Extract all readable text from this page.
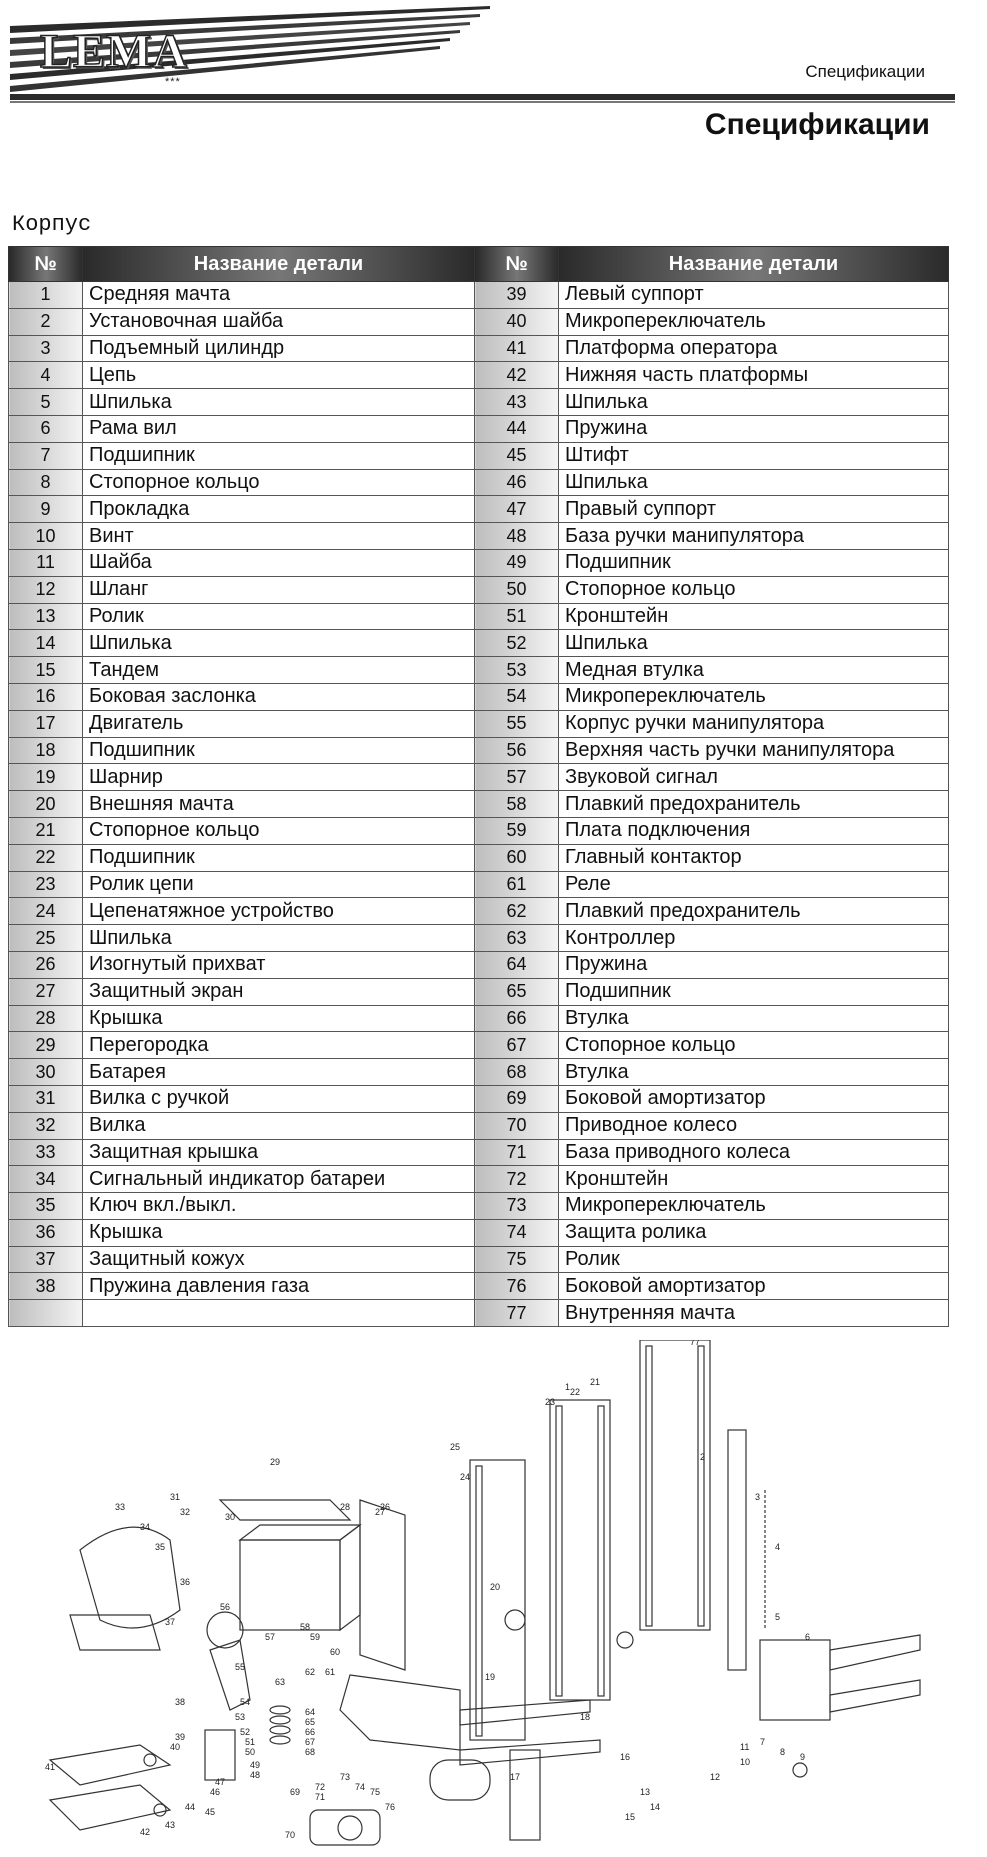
LEMA
***
Спецификации
Спецификации
Корпус
№	Название детали	№	Название детали
1	Средняя мачта	39	Левый суппорт
2	Установочная шайба	40	Микропереключатель
3	Подъемный цилиндр	41	Платформа оператора
4	Цепь	42	Нижняя часть платформы
5	Шпилька	43	Шпилька
6	Рама вил	44	Пружина
7	Подшипник	45	Штифт
8	Стопорное кольцо	46	Шпилька
9	Прокладка	47	Правый суппорт
10	Винт	48	База ручки манипулятора
11	Шайба	49	Подшипник
12	Шланг	50	Стопорное кольцо
13	Ролик	51	Кронштейн
14	Шпилька	52	Шпилька
15	Тандем	53	Медная втулка
16	Боковая заслонка	54	Микропереключатель
17	Двигатель	55	Корпус ручки манипулятора
18	Подшипник	56	Верхняя часть ручки манипулятора
19	Шарнир	57	Звуковой сигнал
20	Внешняя мачта	58	Плавкий предохранитель
21	Стопорное кольцо	59	Плата подключения
22	Подшипник	60	Главный контактор
23	Ролик цепи	61	Реле
24	Цепенатяжное устройство	62	Плавкий предохранитель
25	Шпилька	63	Контроллер
26	Изогнутый прихват	64	Пружина
27	Защитный экран	65	Подшипник
28	Крышка	66	Втулка
29	Перегородка	67	Стопорное кольцо
30	Батарея	68	Втулка
31	Вилка с ручкой	69	Боковой амортизатор
32	Вилка	70	Приводное колесо
33	Защитная крышка	71	База приводного колеса
34	Сигнальный индикатор батареи	72	Кронштейн
35	Ключ вкл./выкл.	73	Микропереключатель
36	Крышка	74	Защита ролика
37	Защитный кожух	75	Ролик
38	Пружина давления газа	76	Боковой амортизатор
		77	Внутренняя мачта
1
2
3
4
5
6
7
8 9
10
11
12
13
14
15
16
17
18
19
20
21
22
23
24
25
26
27
28
29
30
31
32
33
34
35
36
37
38
39
40
41
42
43
44 45
46
47
48
49
50
51
52
53
54
55
56
57
58
59
60
61
62
63
64
65
66
67
68
69
70
71
72
73
74 75
76
77
